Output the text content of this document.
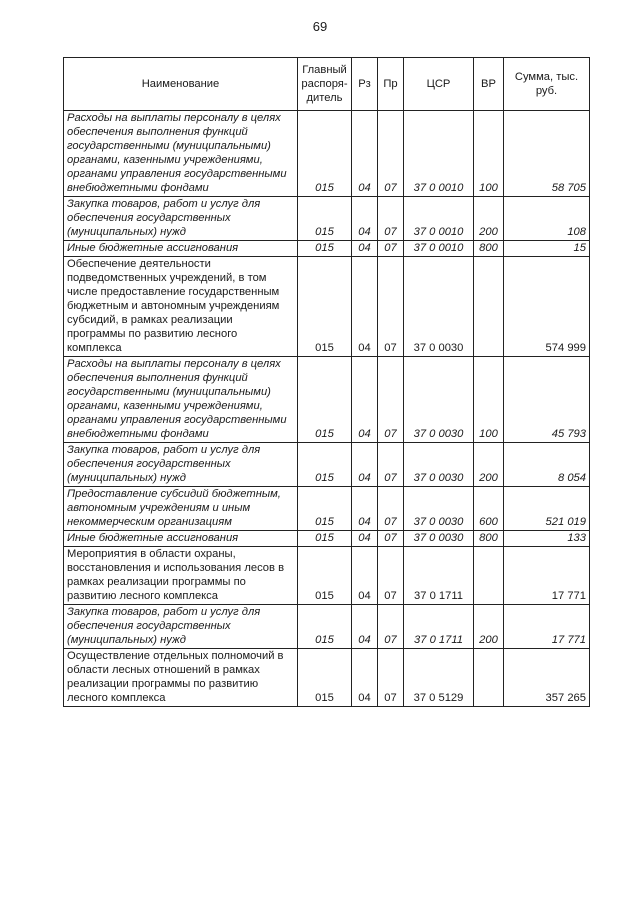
69
Наименование	Главный распоря-дитель	Рз	Пр	ЦСР	ВР	Сумма, тыс. руб.
Расходы на выплаты персоналу в целях обеспечения выполнения функций государственными (муниципальными) органами, казенными учреждениями, органами управления государственными внебюджетными фондами	015	04	07	37 0 0010	100	58 705
Закупка товаров, работ и услуг для обеспечения государственных (муниципальных) нужд	015	04	07	37 0 0010	200	108
Иные бюджетные ассигнования	015	04	07	37 0 0010	800	15
Обеспечение деятельности подведомственных учреждений, в том числе предоставление государственным бюджетным и автономным учреждениям субсидий, в рамках реализации программы по развитию лесного комплекса	015	04	07	37 0 0030		574 999
Расходы на выплаты персоналу в целях обеспечения выполнения функций государственными (муниципальными) органами, казенными учреждениями, органами управления государственными внебюджетными фондами	015	04	07	37 0 0030	100	45 793
Закупка товаров, работ и услуг для обеспечения государственных (муниципальных) нужд	015	04	07	37 0 0030	200	8 054
Предоставление субсидий бюджетным, автономным учреждениям и иным некоммерческим организациям	015	04	07	37 0 0030	600	521 019
Иные бюджетные ассигнования	015	04	07	37 0 0030	800	133
Мероприятия в области охраны, восстановления и использования лесов в рамках реализации программы по развитию лесного комплекса	015	04	07	37 0 1711		17 771
Закупка товаров, работ и услуг для обеспечения государственных (муниципальных) нужд	015	04	07	37 0 1711	200	17 771
Осуществление отдельных полномочий в области лесных отношений в рамках реализации программы по развитию лесного комплекса	015	04	07	37 0 5129		357 265
